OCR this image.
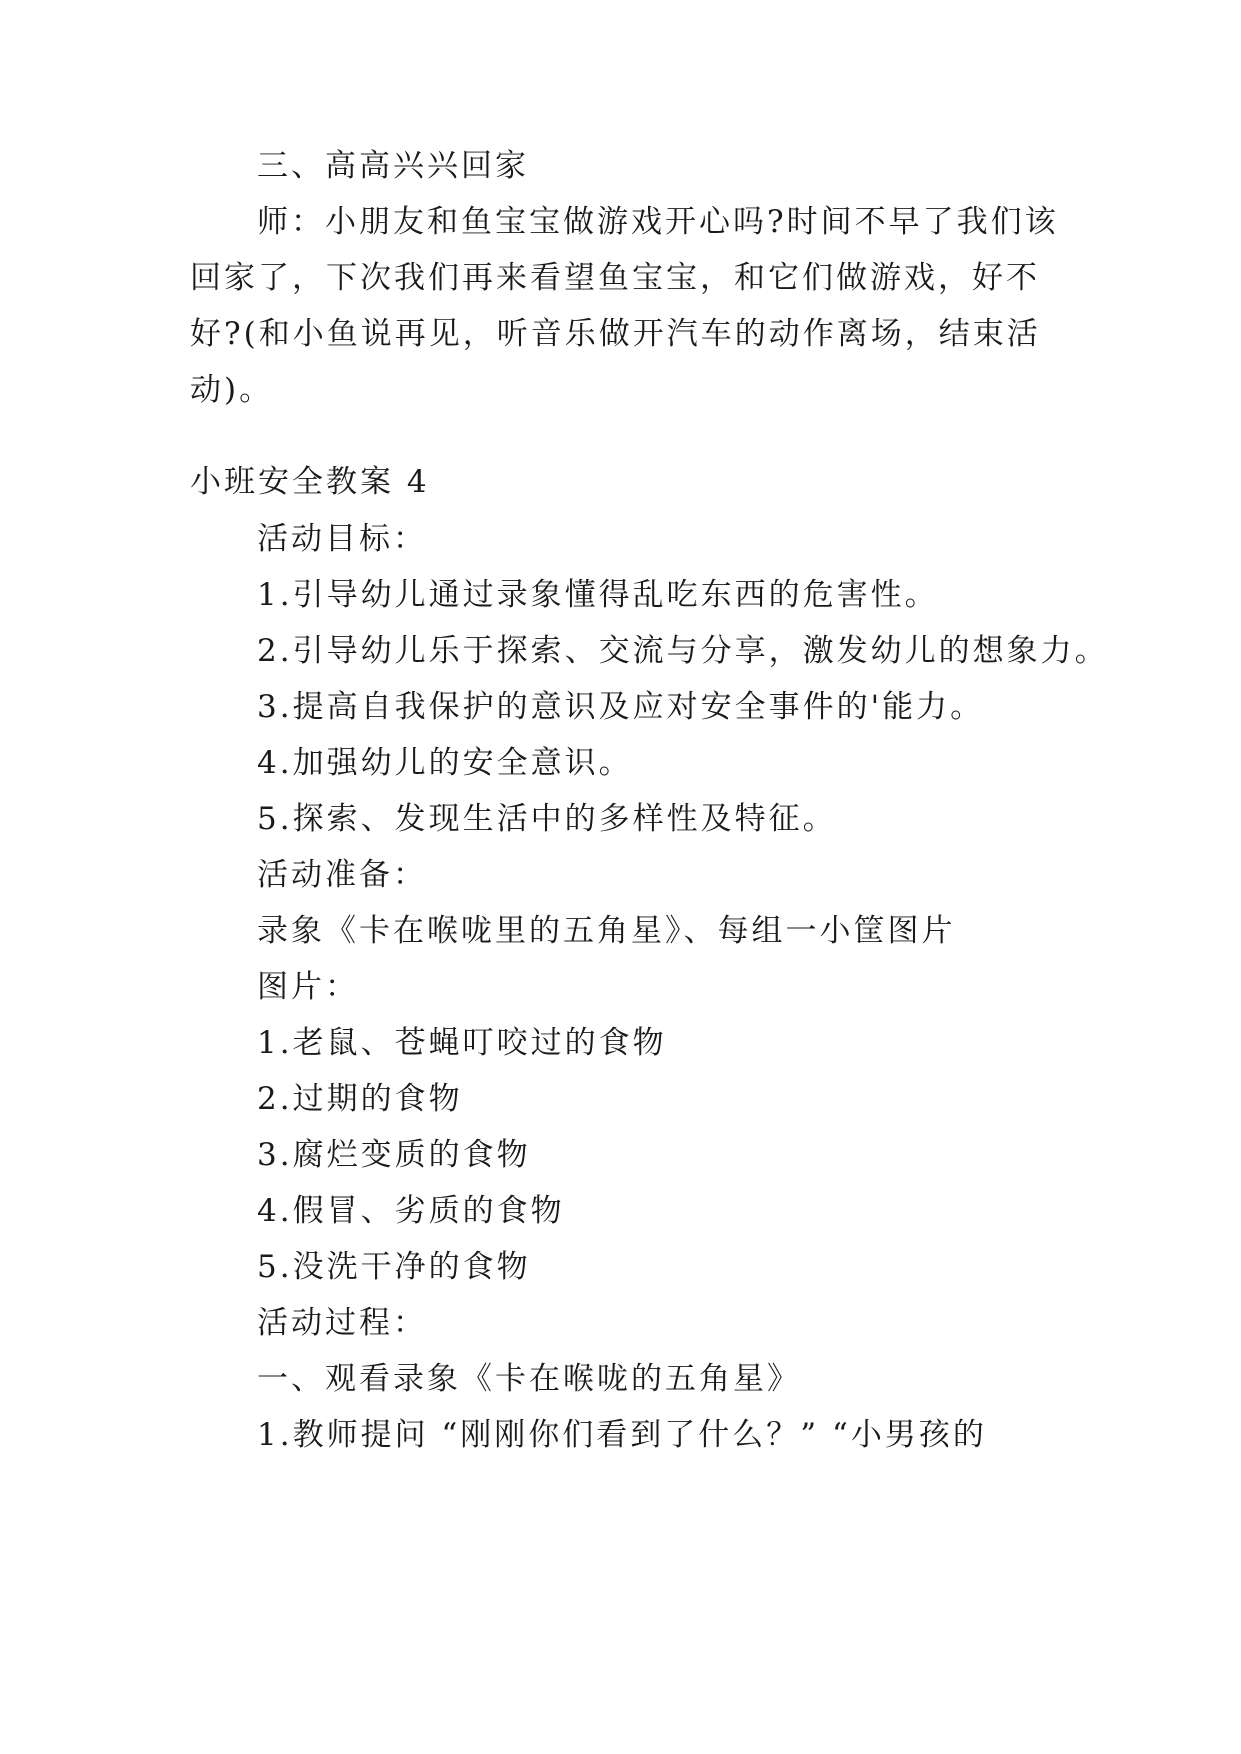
三、高高兴兴回家
师：小朋友和鱼宝宝做游戏开心吗?时间不早了我们该
回家了，下次我们再来看望鱼宝宝，和它们做游戏，好不
好?(和小鱼说再见，听音乐做开汽车的动作离场，结束活
动)。
小班安全教案 4
活动目标：
1.引导幼儿通过录象懂得乱吃东西的危害性。
2.引导幼儿乐于探索、交流与分享，激发幼儿的想象力。
3.提高自我保护的意识及应对安全事件的'能力。
4.加强幼儿的安全意识。
5.探索、发现生活中的多样性及特征。
活动准备：
录象《卡在喉咙里的五角星》、每组一小筐图片
图片：
1.老鼠、苍蝇叮咬过的食物
2.过期的食物
3.腐烂变质的食物
4.假冒、劣质的食物
5.没洗干净的食物
活动过程：
一、观看录象《卡在喉咙的五角星》
1.教师提问 “刚刚你们看到了什么？” “小男孩的
